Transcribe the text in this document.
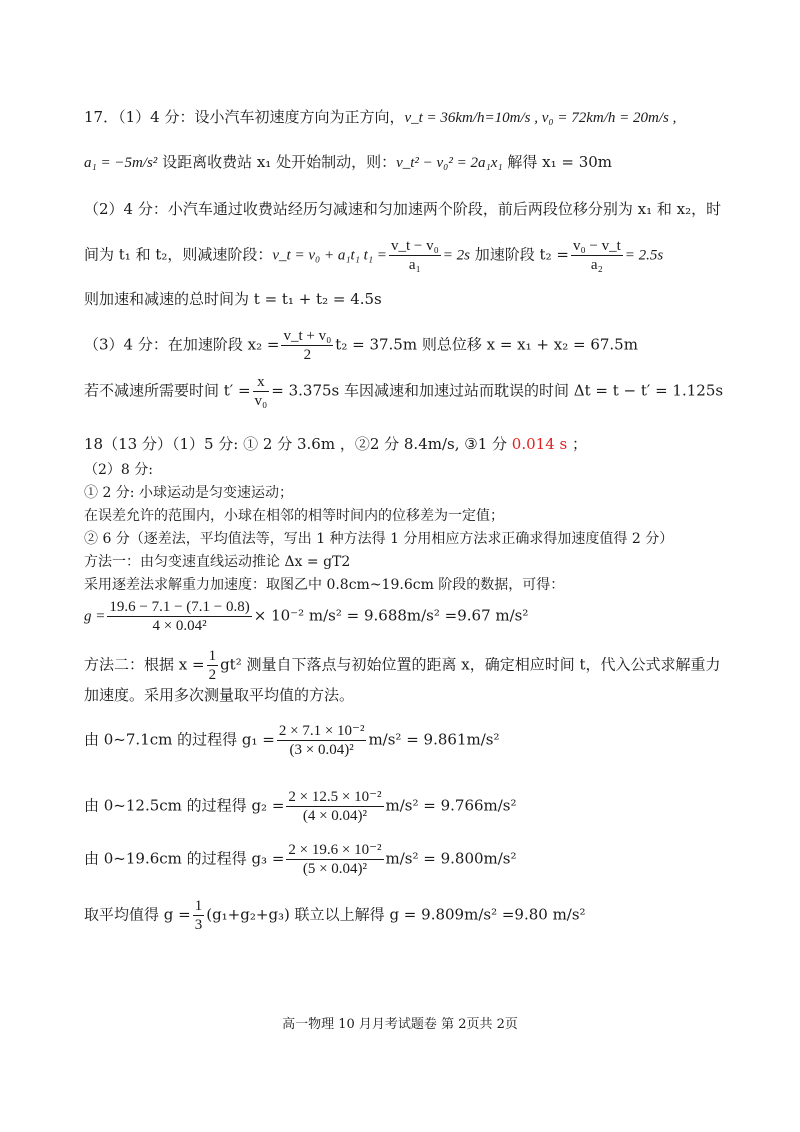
17．（1）4 分：设小汽车初速度方向为正方向，v_t = 36km/h=10m/s , v₀ = 72km/h = 20m/s ,
a₁ = −5m/s² 设距离收费站 x₁ 处开始制动，则：v_t² − v₀² = 2a₁x₁ 解得 x₁ = 30m
（2）4 分：小汽车通过收费站经历匀减速和匀加速两个阶段，前后两段位移分别为 x₁ 和 x₂，时
间为 t₁ 和 t₂，则减速阶段：v_t = v₀ + a₁t₁ $t_1 = \frac{\text{v\_t − v₀}}{\text{a₁}} = 2s$ 加速阶段 $t_2 = \frac{\text{v₀ − v\_t}}{\text{a₂}} = 2.5s$
则加速和减速的总时间为 t = t₁ + t₂ = 4.5s
（3）4 分：在加速阶段 $x_2 = \frac{\text{v\_t + v₀}}{2} t_2 = 37.5m$ 则总位移 x = x₁ + x₂ = 67.5m
若不减速所需要时间 $t' = \frac{x}{\text{v₀}} = 3.375s$ 车因减速和加速过站而耽误的时间 Δt = t − t′ = 1.125s
18（13 分）（1）5 分: ① 2 分 3.6m ，②2 分 8.4m/s, ③1 分 0.014 s ；
（2）8 分:
① 2 分: 小球运动是匀变速运动；
在误差允许的范围内，小球在相邻的相等时间内的位移差为一定值；
② 6 分（逐差法，平均值法等，写出 1 种方法得 1 分用相应方法求正确求得加速度值得 2 分）
方法一：由匀变速直线运动推论 Δx = gT2
采用逐差法求解重力加速度：取图乙中 0.8cm~19.6cm 阶段的数据，可得：
$g = \frac{19.6 - 7.1 - (7.1 - 0.8)}{\text{4 × 0.04²}} \times 10^{-2}$ m/s² = 9.688m/s² =9.67 m/s²
方法二：根据 $x = \frac{1}{2} gt^2$ 测量自下落点与初始位置的距离 x，确定相应时间 t，代入公式求解重力
加速度。采用多次测量取平均值的方法。
由 0~7.1cm 的过程得 $g_1 = \frac{\text{2 × 7.1 × 10⁻²}}{\text{(3 × 0.04)²}} m/s^2 = 9.861m/s^2$
由 0~12.5cm 的过程得 $g_2 = \frac{\text{2 × 12.5 × 10⁻²}}{\text{(4 × 0.04)²}} m/s^2 = 9.766m/s^2$
由 0~19.6cm 的过程得 $g_3 = \frac{\text{2 × 19.6 × 10⁻²}}{\text{(5 × 0.04)²}} m/s^2 = 9.800m/s^2$
取平均值得 $g = \frac{1}{3} (g_1+g_2+g_3)$ 联立以上解得 g = 9.809m/s² =9.80 m/s²
高一物理 10 月月考试题卷 第 2页共 2页
